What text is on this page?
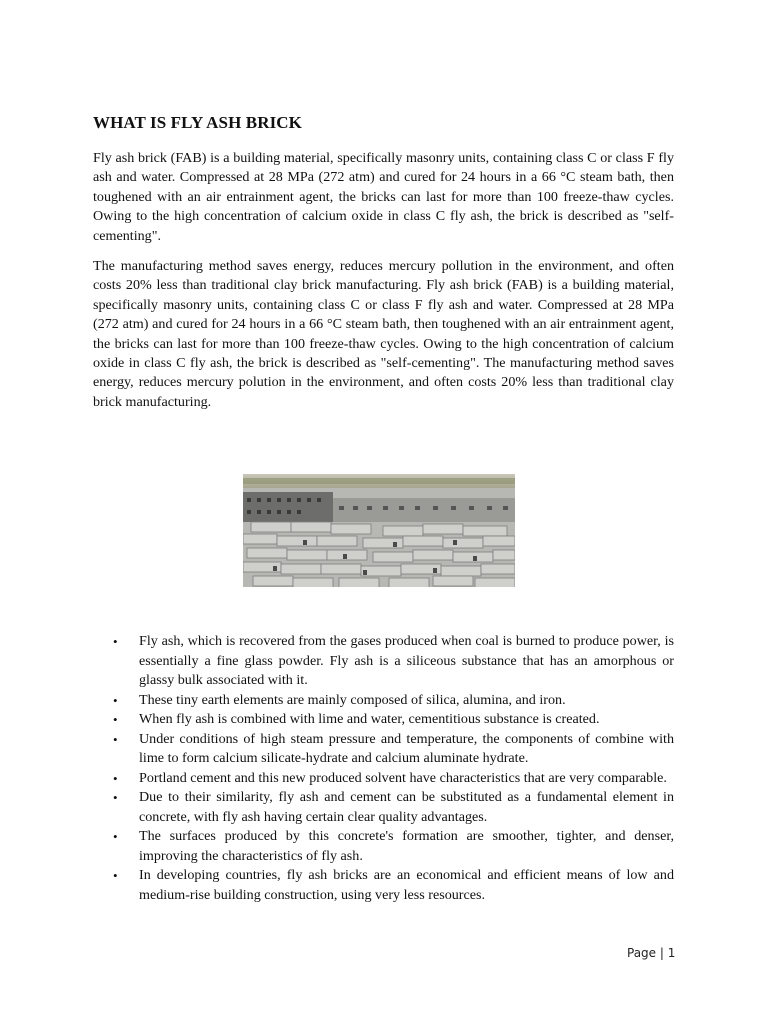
WHAT IS FLY ASH BRICK

Fly ash brick (FAB) is a building material, specifically masonry units, containing class C or class F fly ash and water. Compressed at 28 MPa (272 atm) and cured for 24 hours in a 66 °C steam bath, then toughened with an air entrainment agent, the bricks can last for more than 100 freeze-thaw cycles. Owing to the high concentration of calcium oxide in class C fly ash, the brick is described as "self-cementing".

The manufacturing method saves energy, reduces mercury pollution in the environment, and often costs 20% less than traditional clay brick manufacturing. Fly ash brick (FAB) is a building material, specifically masonry units, containing class C or class F fly ash and water. Compressed at 28 MPa (272 atm) and cured for 24 hours in a 66 °C steam bath, then toughened with an air entrainment agent, the bricks can last for more than 100 freeze-thaw cycles. Owing to the high concentration of calcium oxide in class C fly ash, the brick is described as "self-cementing". The manufacturing method saves energy, reduces mercury polution in the environment, and often costs 20% less than traditional clay brick manufacturing.

• Fly ash, which is recovered from the gases produced when coal is burned to produce power, is essentially a fine glass powder. Fly ash is a siliceous substance that has an amorphous or glassy bulk associated with it.
• These tiny earth elements are mainly composed of silica, alumina, and iron.
• When fly ash is combined with lime and water, cementitious substance is created.
• Under conditions of high steam pressure and temperature, the components of combine with lime to form calcium silicate-hydrate and calcium aluminate hydrate.
• Portland cement and this new produced solvent have characteristics that are very comparable.
• Due to their similarity, fly ash and cement can be substituted as a fundamental element in concrete, with fly ash having certain clear quality advantages.
• The surfaces produced by this concrete's formation are smoother, tighter, and denser, improving the characteristics of fly ash.
• In developing countries, fly ash bricks are an economical and efficient means of low and medium-rise building construction, using very less resources.
Page | 1
